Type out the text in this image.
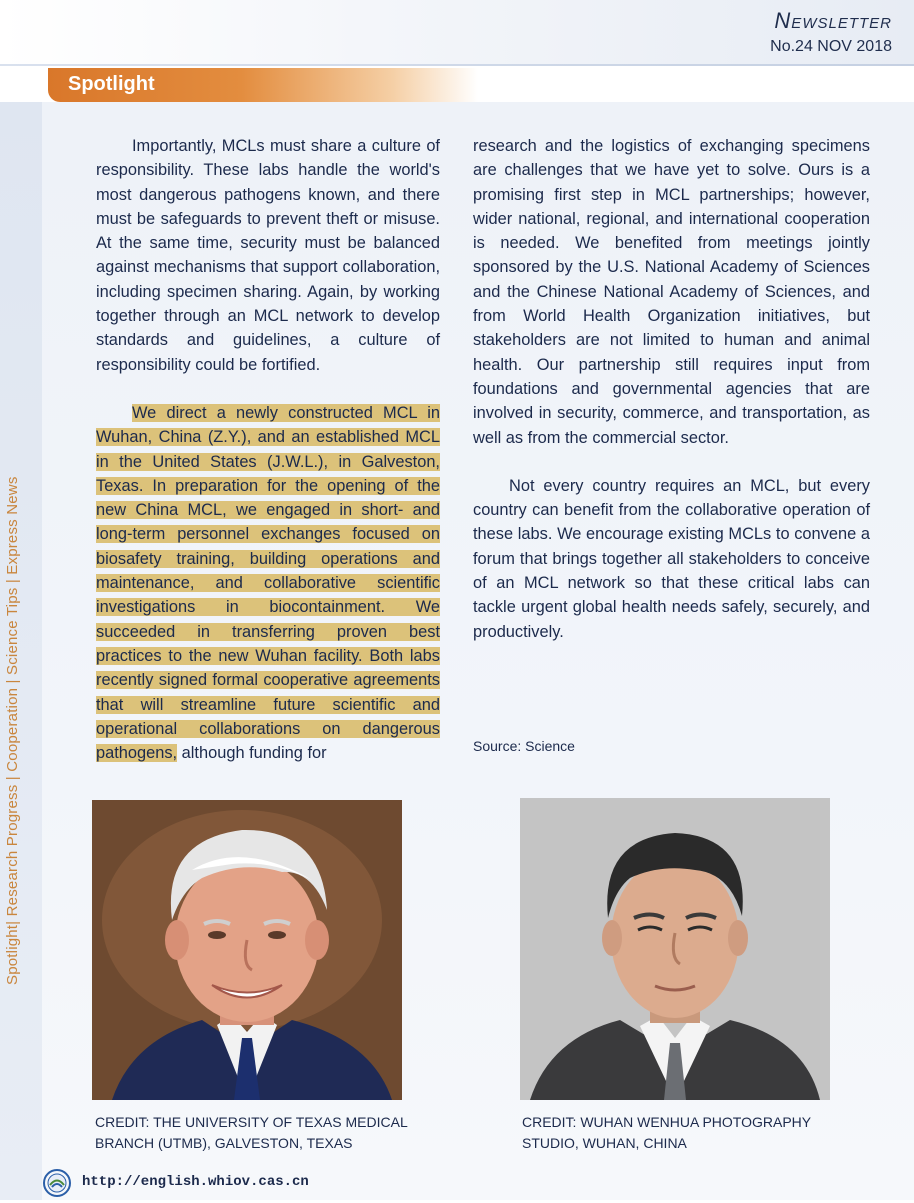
Newsletter
No.24 NOV 2018
Spotlight
Spotlight| Research Progress | Cooperation | Science Tips | Express News

Importantly, MCLs must share a culture of responsibility. These labs handle the world's most dangerous pathogens known, and there must be safeguards to prevent theft or misuse. At the same time, security must be balanced against mechanisms that support collaboration, including specimen sharing. Again, by working together through an MCL network to develop standards and guidelines, a culture of responsibility could be fortified.

We direct a newly constructed MCL in Wuhan, China (Z.Y.), and an established MCL in the United States (J.W.L.), in Galveston, Texas. In preparation for the opening of the new China MCL, we engaged in short- and long-term personnel exchanges focused on biosafety training, building operations and maintenance, and collaborative scientific investigations in biocontainment. We succeeded in transferring proven best practices to the new Wuhan facility. Both labs recently signed formal cooperative agreements that will streamline future scientific and operational collaborations on dangerous pathogens, although funding for

research and the logistics of exchanging specimens are challenges that we have yet to solve. Ours is a promising first step in MCL partnerships; however, wider national, regional, and international cooperation is needed. We benefited from meetings jointly sponsored by the U.S. National Academy of Sciences and the Chinese National Academy of Sciences, and from World Health Organization initiatives, but stakeholders are not limited to human and animal health. Our partnership still requires input from foundations and governmental agencies that are involved in security, commerce, and transportation, as well as from the commercial sector.

Not every country requires an MCL, but every country can benefit from the collaborative operation of these labs. We encourage existing MCLs to convene a forum that brings together all stakeholders to conceive of an MCL network so that these critical labs can tackle urgent global health needs safely, securely, and productively.

Source: Science
CREDIT: THE UNIVERSITY OF TEXAS MEDICAL BRANCH (UTMB), GALVESTON, TEXAS
CREDIT: WUHAN WENHUA PHOTOGRAPHY STUDIO, WUHAN, CHINA
http://english.whiov.cas.cn
